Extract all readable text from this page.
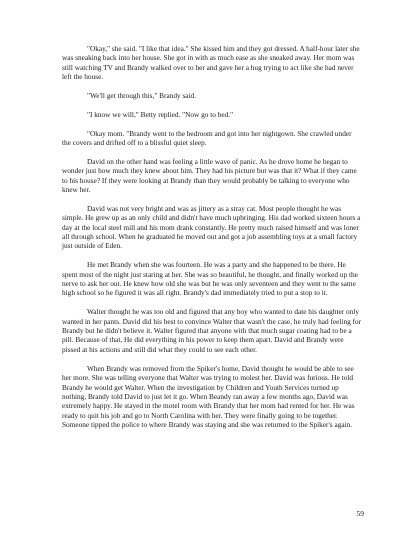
"Okay," she said. "I like that idea." She kissed him and they got dressed. A half-hour later she was sneaking back into her house. She got in with as much ease as she sneaked away. Her mom was still watching TV and Brandy walked over to her and gave her a hug trying to act like she had never left the house.

"We'll get through this," Brandy said.

"I know we will," Betty replied. "Now go to bed."

"Okay mom. "Brandy went to the bedroom and got into her nightgown. She crawled under the covers and drifted off to a blissful quiet sleep.

David on the other hand was feeling a little wave of panic. As he drove home he began to wonder just how much they knew about him. They had his picture but was that it? What if they came to his house? If they were looking at Brandy than they would probably be talking to everyone who knew her.

David was not very bright and was as jittery as a stray cat. Most people thought he was simple. He grew up as an only child and didn't have much upbringing. His dad worked sixteen hours a day at the local steel mill and his mom drank constantly. He pretty much raised himself and was loner all through school. When he graduated he moved out and got a job assembling toys at a small factory just outside of Eden.

He met Brandy when she was fourteen. He was a party and she happened to be there. He spent most of the night just staring at her. She was so beautiful, he thought, and finally worked up the nerve to ask her out. He knew how old she was but he was only seventeen and they went to the same high school so he figured it was all right. Brandy's dad immediately tried to put a stop to it.

Walter thought he was too old and figured that any boy who wanted to date his daughter only wanted in her pants. David did his best to convince Walter that wasn't the case, he truly had feeling for Brandy but he didn't believe it. Walter figured that anyone with that much sugar coating had to be a pill. Because of that, He did everything in his power to keep them apart. David and Brandy were pissed at his actions and still did what they could to see each other.

When Brandy was removed from the Spiker's home, David thought he would be able to see her more. She was telling everyone that Walter was trying to molest her. David was furious. He told Brandy he would get Walter. When the investigation by Children and Youth Services turned up nothing, Brandy told David to just let it go. When Beandy ran away a few months ago, David was extremely happy. He stayed in the motel room with Brandy that her mom had rented for her. He was ready to quit his job and go to North Carolina with her. They were finally going to be together. Someone tipped the police to where Brandy was staying and she was returned to the Spiker's again.

59
